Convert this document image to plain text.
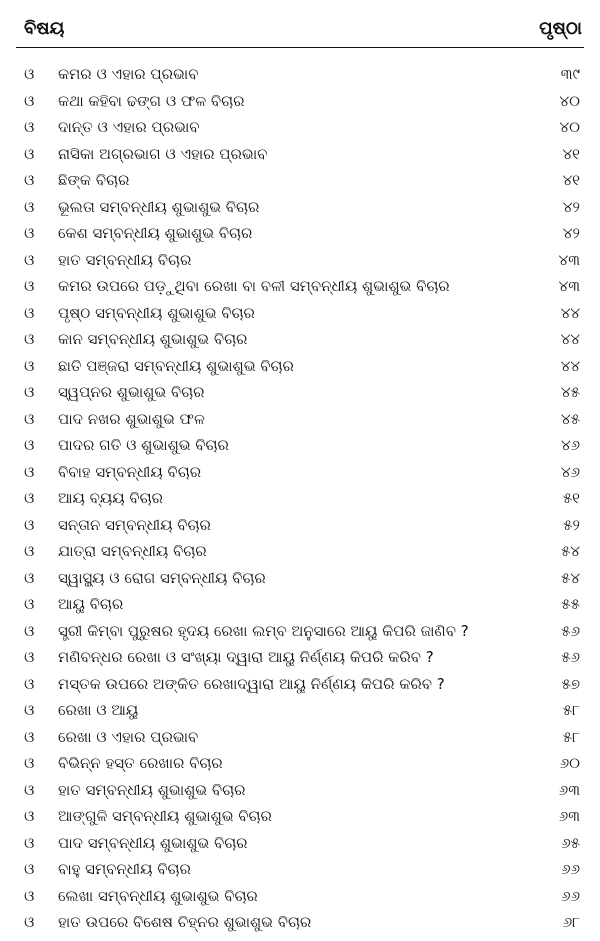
ବିଷୟ	ପୃଷ୍ଠା
ଓ	କମର ଓ ଏହାର ପ୍ରଭାବ	୩୯
ଓ	କଥା କହିବା ଢଙ୍ଗ ଓ ଫଳ ବିଚାର	୪୦
ଓ	ଦାନ୍ତ ଓ ଏହାର ପ୍ରଭାବ	୪୦
ଓ	ନାସିକା ଅଗ୍ରଭାଗ ଓ ଏହାର ପ୍ରଭାବ	୪୧
ଓ	ଛିଙ୍କ ବିଚାର	୪୧
ଓ	ଭୂଲତା ସମ୍ବନ୍ଧୀୟ ଶୁଭାଶୁଭ ବିଚାର	୪୨
ଓ	କେଶ ସମ୍ବନ୍ଧୀୟ ଶୁଭାଶୁଭ ବିଚାର	୪୨
ଓ	ହାତ ସମ୍ବନ୍ଧୀୟ ବିଚାର	୪୩
ଓ	କମର ଉପରେ ପଡ଼ୁଥିବା ରେଖା ବା ବଳୀ ସମ୍ବନ୍ଧୀୟ ଶୁଭାଶୁଭ ବିଚାର	୪୩
ଓ	ପୃଷ୍ଠ ସମ୍ବନ୍ଧୀୟ ଶୁଭାଶୁଭ ବିଚାର	୪୪
ଓ	କାନ ସମ୍ବନ୍ଧୀୟ ଶୁଭାଶୁଭ ବିଚାର	୪୪
ଓ	ଛାତି ପଞ୍ଜରା ସମ୍ବନ୍ଧୀୟ ଶୁଭାଶୁଭ ବିଚାର	୪୪
ଓ	ସ୍ୱପ୍ନର ଶୁଭାଶୁଭ ବିଚାର	୪୫
ଓ	ପାଦ ନଖର ଶୁଭାଶୁଭ ଫଳ	୪୫
ଓ	ପାଦର ଗତି ଓ ଶୁଭାଶୁଭ ବିଚାର	୪୬
ଓ	ବିବାହ ସମ୍ବନ୍ଧୀୟ ବିଚାର	୪୬
ଓ	ଆୟ ବ୍ୟୟ ବିଚାର	୫୧
ଓ	ସନ୍ତାନ ସମ୍ବନ୍ଧୀୟ ବିଚାର	୫୨
ଓ	ଯାତ୍ରା ସମ୍ବନ୍ଧୀୟ ବିଚାର	୫୪
ଓ	ସ୍ୱାସ୍ଥ୍ୟ ଓ ରୋଗ ସମ୍ବନ୍ଧୀୟ ବିଚାର	୫୪
ଓ	ଆୟୁ ବିଚାର	୫୫
ଓ	ସ୍ତ୍ରୀ କିମ୍ବା ପୁରୁଷର ହୃଦୟ ରେଖା ଲମ୍ବ ଅନୁସାରେ ଆୟୁ କିପରି ଜାଣିବ ?	୫୬
ଓ	ମଣିବନ୍ଧର ରେଖା ଓ ସଂଖ୍ୟା ଦ୍ୱାରା ଆୟୁ ନିର୍ଣ୍ଣୟ କିପରି କରିବ ?	୫୬
ଓ	ମସ୍ତକ ଉପରେ ଅଙ୍କିତ ରେଖାଦ୍ୱାରା ଆୟୁ ନିର୍ଣ୍ଣୟ କିପରି କରିବ ?	୫୭
ଓ	ରେଖା ଓ ଆୟୁ	୫୮
ଓ	ରେଖା ଓ ଏହାର ପ୍ରଭାବ	୫୮
ଓ	ବିଭିନ୍ନ ହସ୍ତ ରେଖାର ବିଚାର	୬୦
ଓ	ହାତ ସମ୍ବନ୍ଧୀୟ ଶୁଭାଶୁଭ ବିଚାର	୬୩
ଓ	ଆଙ୍ଗୁଳି ସମ୍ବନ୍ଧୀୟ ଶୁଭାଶୁଭ ବିଚାର	୬୩
ଓ	ପାଦ ସମ୍ବନ୍ଧୀୟ ଶୁଭାଶୁଭ ବିଚାର	୬୫
ଓ	ବାହୁ ସମ୍ବନ୍ଧୀୟ ବିଚାର	୬୬
ଓ	ଲେଖା ସମ୍ବନ୍ଧୀୟ ଶୁଭାଶୁଭ ବିଚାର	୬୬
ଓ	ହାତ ଉପରେ ବିଶେଷ ଚିହ୍ନର ଶୁଭାଶୁଭ ବିଚାର	୬୮
